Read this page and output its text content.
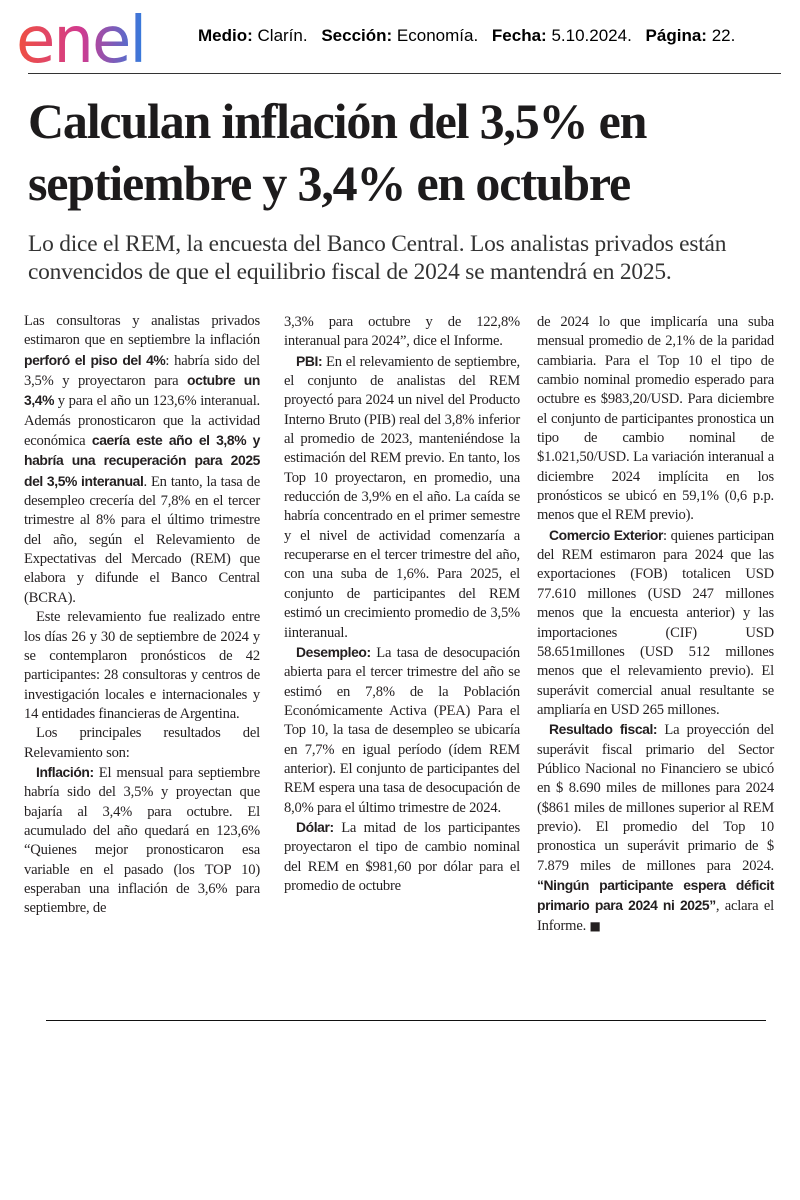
enel	Medio: Clarín. Sección: Economía. Fecha: 5.10.2024. Página: 22.
Calculan inflación del 3,5% en
septiembre y 3,4% en octubre

Lo dice el REM, la encuesta del Banco Central. Los analistas privados están
convencidos de que el equilibrio fiscal de 2024 se mantendrá en 2025.

Las consultoras y analistas privados estimaron que en septiembre la inflación perforó el piso del 4%: habría sido del 3,5% y proyectaron para octubre un 3,4% y para el año un 123,6% interanual. Además pronosticaron que la actividad económica caería este año el 3,8% y habría una recuperación para 2025 del 3,5% interanual. En tanto, la tasa de desempleo crecería del 7,8% en el tercer trimestre al 8% para el último trimestre del año, según el Relevamiento de Expectativas del Mercado (REM) que elabora y difunde el Banco Central (BCRA).

Este relevamiento fue realizado entre los días 26 y 30 de septiembre de 2024 y se contemplaron pronósticos de 42 participantes: 28 consultoras y centros de investigación locales e internacionales y 14 entidades financieras de Argentina.

Los principales resultados del Relevamiento son:

Inflación: El mensual para septiembre habría sido del 3,5% y proyectan que bajaría al 3,4% para octubre. El acumulado del año quedará en 123,6% “Quienes mejor pronosticaron esa variable en el pasado (los TOP 10) esperaban una inflación de 3,6% para septiembre, de

3,3% para octubre y de 122,8% interanual para 2024”, dice el Informe.

PBI: En el relevamiento de septiembre, el conjunto de analistas del REM proyectó para 2024 un nivel del Producto Interno Bruto (PIB) real del 3,8% inferior al promedio de 2023, manteniéndose la estimación del REM previo. En tanto, los Top 10 proyectaron, en promedio, una reducción de 3,9% en el año. La caída se habría concentrado en el primer semestre y el nivel de actividad comenzaría a recuperarse en el tercer trimestre del año, con una suba de 1,6%. Para 2025, el conjunto de participantes del REM estimó un crecimiento promedio de 3,5% iinteranual.

Desempleo: La tasa de desocupación abierta para el tercer trimestre del año se estimó en 7,8% de la Población Económicamente Activa (PEA) Para el Top 10, la tasa de desempleo se ubicaría en 7,7% en igual período (ídem REM anterior). El conjunto de participantes del REM espera una tasa de desocupación de 8,0% para el último trimestre de 2024.

Dólar: La mitad de los participantes proyectaron el tipo de cambio nominal del REM en $981,60 por dólar para el promedio de octubre

de 2024 lo que implicaría una suba mensual promedio de 2,1% de la paridad cambiaria. Para el Top 10 el tipo de cambio nominal promedio esperado para octubre es $983,20/USD. Para diciembre el conjunto de participantes pronostica un tipo de cambio nominal de $1.021,50/USD. La variación interanual a diciembre 2024 implícita en los pronósticos se ubicó en 59,1% (0,6 p.p. menos que el REM previo).

Comercio Exterior: quienes participan del REM estimaron para 2024 que las exportaciones (FOB) totalicen USD 77.610 millones (USD 247 millones menos que la encuesta anterior) y las importaciones (CIF) USD 58.651millones (USD 512 millones menos que el relevamiento previo). El superávit comercial anual resultante se ampliaría en USD 265 millones.

Resultado fiscal: La proyección del superávit fiscal primario del Sector Público Nacional no Financiero se ubicó en $ 8.690 miles de millones para 2024 ($861 miles de millones superior al REM previo). El promedio del Top 10 pronostica un superávit primario de $ 7.879 miles de millones para 2024. “Ningún participante espera déficit primario para 2024 ni 2025”, aclara el Informe. ■
